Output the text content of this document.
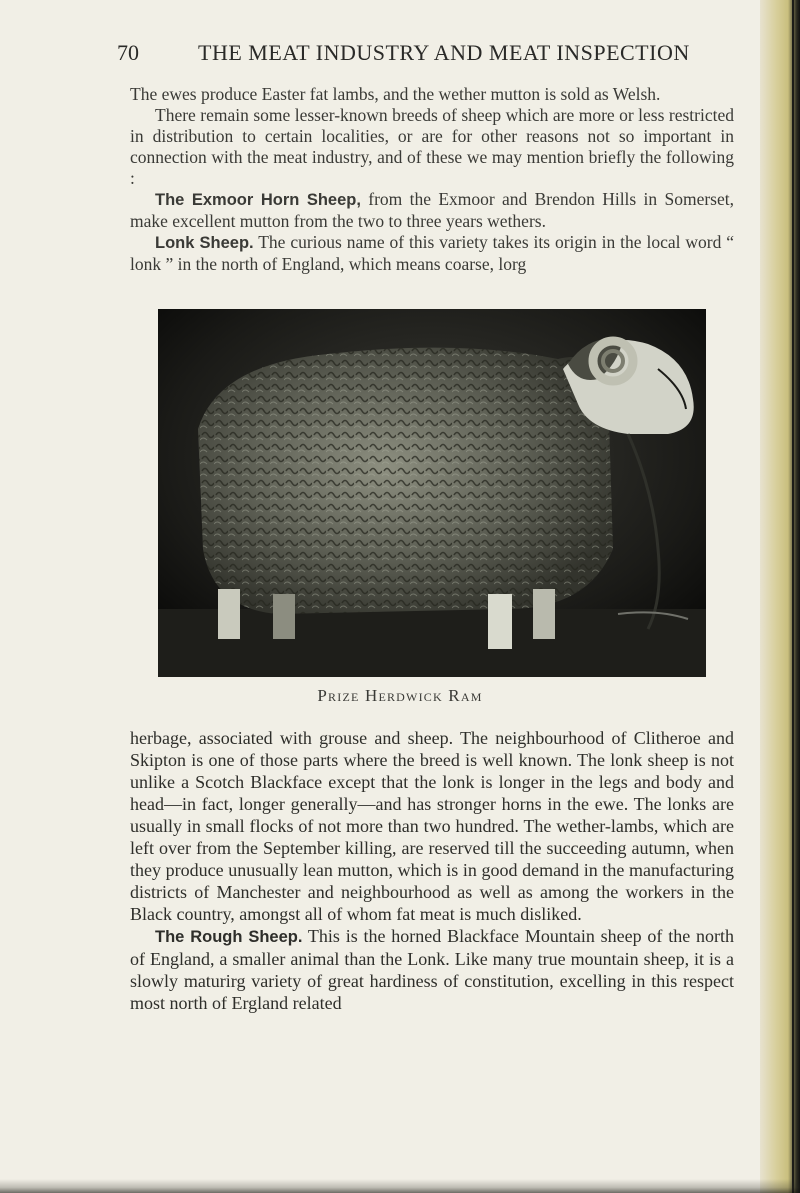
70	THE MEAT INDUSTRY AND MEAT INSPECTION

The ewes produce Easter fat lambs, and the wether mutton is sold as Welsh.

There remain some lesser-known breeds of sheep which are more or less restricted in distribution to certain localities, or are for other reasons not so important in connection with the meat industry, and of these we may mention briefly the following :

The Exmoor Horn Sheep, from the Exmoor and Brendon Hills in Somerset, make excellent mutton from the two to three years wethers.

Lonk Sheep. The curious name of this variety takes its origin in the local word “ lonk ” in the north of England, which means coarse, lorg

Prize Herdwick Ram

herbage, associated with grouse and sheep. The neighbourhood of Clitheroe and Skipton is one of those parts where the breed is well known. The lonk sheep is not unlike a Scotch Blackface except that the lonk is longer in the legs and body and head—in fact, longer generally—and has stronger horns in the ewe. The lonks are usually in small flocks of not more than two hundred. The wether-lambs, which are left over from the September killing, are reserved till the succeeding autumn, when they produce unusually lean mutton, which is in good demand in the manufacturing districts of Manchester and neighbourhood as well as among the workers in the Black country, amongst all of whom fat meat is much disliked.

The Rough Sheep. This is the horned Blackface Mountain sheep of the north of England, a smaller animal than the Lonk. Like many true mountain sheep, it is a slowly maturirg variety of great hardiness of constitution, excelling in this respect most north of Ergland related
